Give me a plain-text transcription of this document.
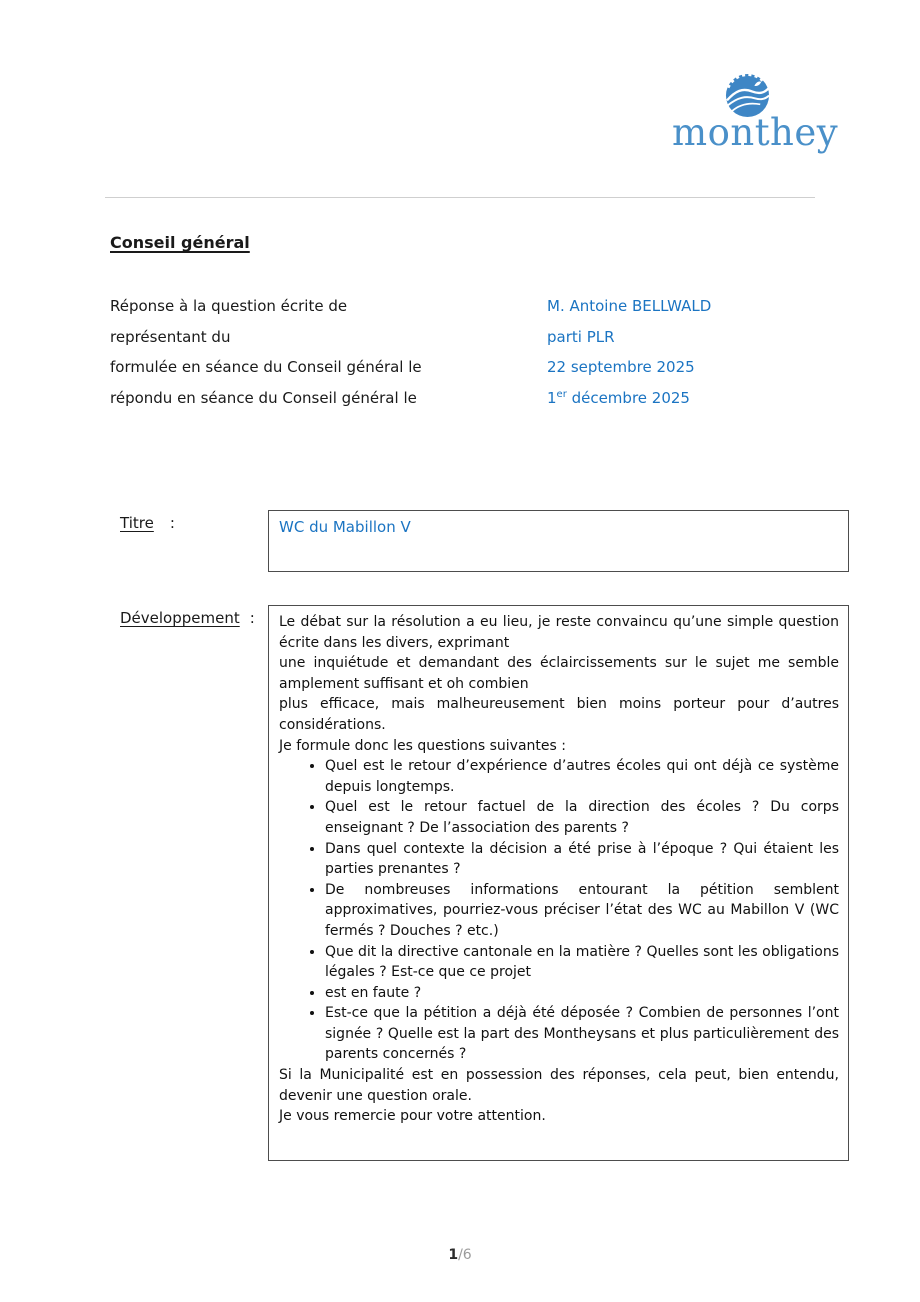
monthey
Conseil général
Réponse à la question écrite de	M. Antoine BELLWALD
représentant du	parti PLR
formulée en séance du Conseil général le	22 septembre 2025
répondu en séance du Conseil général le	1er décembre 2025
Titre :	WC du Mabillon V
Développement : Le débat sur la résolution a eu lieu, je reste convaincu qu’une simple question écrite dans les divers, exprimant

une inquiétude et demandant des éclaircissements sur le sujet me semble amplement suffisant et oh combien

plus efficace, mais malheureusement bien moins porteur pour d’autres considérations.

Je formule donc les questions suivantes :

• Quel est le retour d’expérience d’autres écoles qui ont déjà ce système depuis longtemps.
• Quel est le retour factuel de la direction des écoles ? Du corps enseignant ? De l’association des parents ?
• Dans quel contexte la décision a été prise à l’époque ? Qui étaient les parties prenantes ?
• De nombreuses informations entourant la pétition semblent approximatives, pourriez-vous préciser l’état des WC au Mabillon V (WC fermés ? Douches ? etc.)
• Que dit la directive cantonale en la matière ? Quelles sont les obligations légales ? Est-ce que ce projet
• est en faute ?
• Est-ce que la pétition a déjà été déposée ? Combien de personnes l’ont signée ? Quelle est la part des Montheysans et plus particulièrement des parents concernés ?

Si la Municipalité est en possession des réponses, cela peut, bien entendu, devenir une question orale.

Je vous remercie pour votre attention.

1/6
